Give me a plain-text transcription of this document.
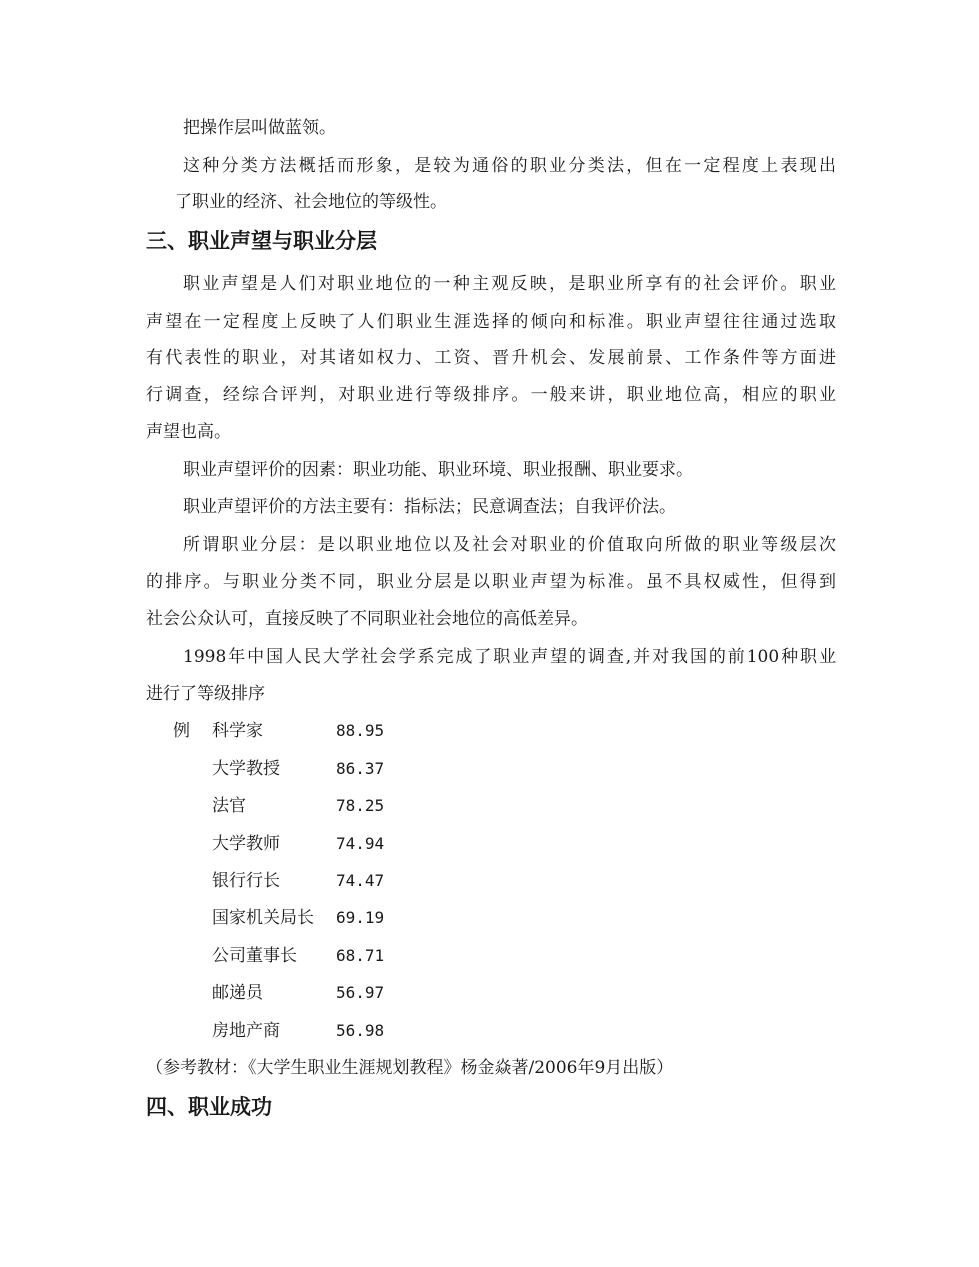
把操作层叫做蓝领。
这种分类方法概括而形象，是较为通俗的职业分类法，但在一定程度上表现出
了职业的经济、社会地位的等级性。
三、职业声望与职业分层
职业声望是人们对职业地位的一种主观反映，是职业所享有的社会评价。职业
声望在一定程度上反映了人们职业生涯选择的倾向和标准。职业声望往往通过选取
有代表性的职业，对其诸如权力、工资、晋升机会、发展前景、工作条件等方面进
行调查，经综合评判，对职业进行等级排序。一般来讲，职业地位高，相应的职业
声望也高。
职业声望评价的因素：职业功能、职业环境、职业报酬、职业要求。
职业声望评价的方法主要有：指标法；民意调查法；自我评价法。
所谓职业分层：是以职业地位以及社会对职业的价值取向所做的职业等级层次
的排序。与职业分类不同，职业分层是以职业声望为标准。虽不具权威性，但得到
社会公众认可，直接反映了不同职业社会地位的高低差异。
1998年中国人民大学社会学系完成了职业声望的调查,并对我国的前100种职业
进行了等级排序
例 科学家	88.95
大学教授	86.37
法官	78.25
大学教师	74.94
银行行长	74.47
国家机关局长 69.19
公司董事长 68.71
邮递员	56.97
房地产商	56.98
（参考教材：《大学生职业生涯规划教程》杨金焱著/2006年9月出版）
四、职业成功
